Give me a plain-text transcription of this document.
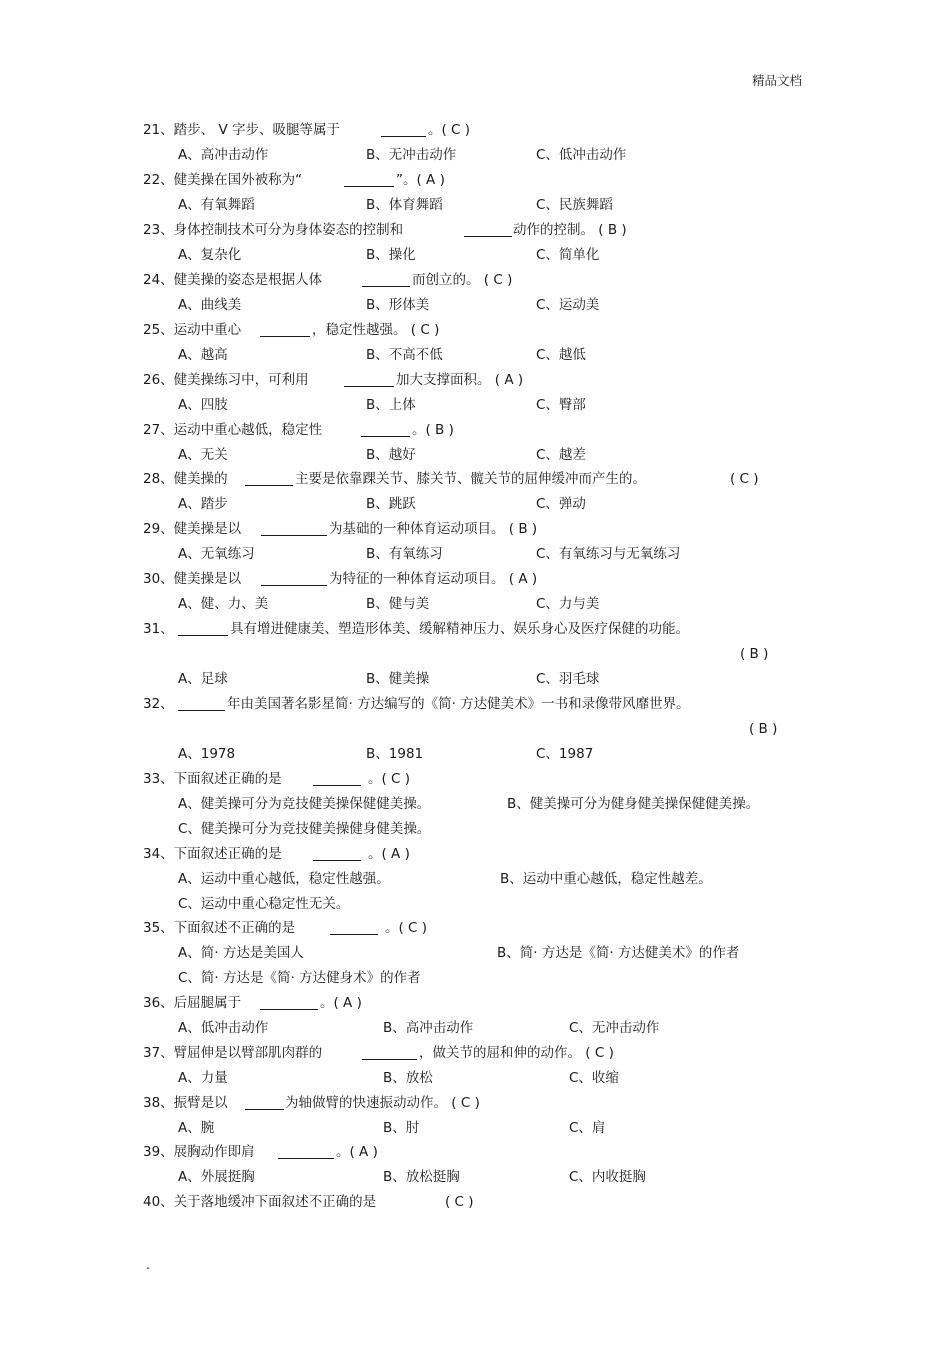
精品文档
21、踏步、 V 字步、吸腿等属于	。( C )
A、高冲击动作	B、无冲击动作	C、低冲击动作
22、健美操在国外被称为“	”。( A )
A、有氧舞蹈	B、体育舞蹈	C、民族舞蹈
23、身体控制技术可分为身体姿态的控制和	动作的控制。 ( B )
A、复杂化	B、操化	C、简单化
24、健美操的姿态是根据人体	而创立的。 ( C )
A、曲线美	B、形体美	C、运动美
25、运动中重心	，稳定性越强。 ( C )
A、越高	B、不高不低	C、越低
26、健美操练习中，可利用	加大支撑面积。 ( A )
A、四肢	B、上体	C、臀部
27、运动中重心越低，稳定性	。( B )
A、无关	B、越好	C、越差
28、健美操的	主要是依靠踝关节、膝关节、髋关节的屈伸缓冲而产生的。	( C )
A、踏步	B、跳跃	C、弹动
29、健美操是以	为基础的一种体育运动项目。 ( B )
A、无氧练习	B、有氧练习	C、有氧练习与无氧练习
30、健美操是以	为特征的一种体育运动项目。 ( A )
A、健、力、美	B、健与美	C、力与美
31、	具有增进健康美、塑造形体美、缓解精神压力、娱乐身心及医疗保健的功能。
( B )
A、足球	B、健美操	C、羽毛球
32、	年由美国著名影星简· 方达编写的《简· 方达健美术》一书和录像带风靡世界。
( B )
A、1978	B、1981	C、1987
33、下面叙述正确的是	。( C )
A、健美操可分为竞技健美操保健健美操。	B、健美操可分为健身健美操保健健美操。
C、健美操可分为竞技健美操健身健美操。
34、下面叙述正确的是	。( A )
A、运动中重心越低，稳定性越强。	B、运动中重心越低，稳定性越差。
C、运动中重心稳定性无关。
35、下面叙述不正确的是	。( C )
A、简· 方达是美国人	B、简· 方达是《简· 方达健美术》的作者
C、简· 方达是《简· 方达健身术》的作者
36、后屈腿属于	。( A )
A、低冲击动作	B、高冲击动作	C、无冲击动作
37、臂屈伸是以臂部肌肉群的	，做关节的屈和伸的动作。 ( C )
A、力量	B、放松	C、收缩
38、振臂是以	为轴做臂的快速振动动作。 ( C )
A、腕	B、肘	C、肩
39、展胸动作即肩	。( A )
A、外展挺胸	B、放松挺胸	C、内收挺胸
40、关于落地缓冲下面叙述不正确的是	( C )
.
